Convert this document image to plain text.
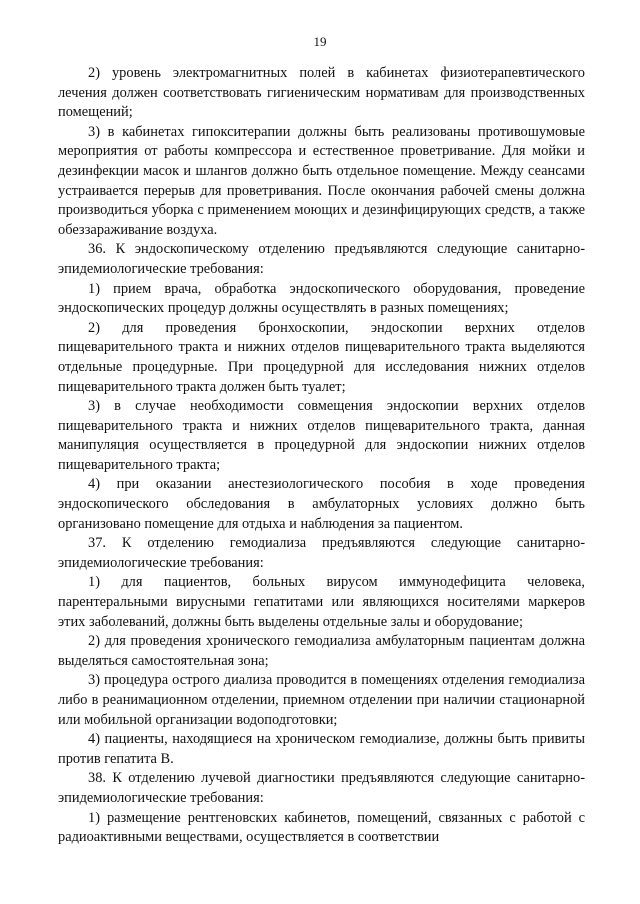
19

2) уровень электромагнитных полей в кабинетах физиотерапевтического лечения должен соответствовать гигиеническим нормативам для производственных помещений;

3) в кабинетах гипокситерапии должны быть реализованы противошумовые мероприятия от работы компрессора и естественное проветривание. Для мойки и дезинфекции масок и шлангов должно быть отдельное помещение. Между сеансами устраивается перерыв для проветривания. После окончания рабочей смены должна производиться уборка с применением моющих и дезинфицирующих средств, а также обеззараживание воздуха.

36. К эндоскопическому отделению предъявляются следующие санитарно-эпидемиологические требования:

1) прием врача, обработка эндоскопического оборудования, проведение эндоскопических процедур должны осуществлять в разных помещениях;

2) для проведения бронхоскопии, эндоскопии верхних отделов пищеварительного тракта и нижних отделов пищеварительного тракта выделяются отдельные процедурные. При процедурной для исследования нижних отделов пищеварительного тракта должен быть туалет;

3) в случае необходимости совмещения эндоскопии верхних отделов пищеварительного тракта и нижних отделов пищеварительного тракта, данная манипуляция осуществляется в процедурной для эндоскопии нижних отделов пищеварительного тракта;

4) при оказании анестезиологического пособия в ходе проведения эндоскопического обследования в амбулаторных условиях должно быть организовано помещение для отдыха и наблюдения за пациентом.

37. К отделению гемодиализа предъявляются следующие санитарно-эпидемиологические требования:

1) для пациентов, больных вирусом иммунодефицита человека, парентеральными вирусными гепатитами или являющихся носителями маркеров этих заболеваний, должны быть выделены отдельные залы и оборудование;

2) для проведения хронического гемодиализа амбулаторным пациентам должна выделяться самостоятельная зона;

3) процедура острого диализа проводится в помещениях отделения гемодиализа либо в реанимационном отделении, приемном отделении при наличии стационарной или мобильной организации водоподготовки;

4) пациенты, находящиеся на хроническом гемодиализе, должны быть привиты против гепатита В.

38. К отделению лучевой диагностики предъявляются следующие санитарно-эпидемиологические требования:

1) размещение рентгеновских кабинетов, помещений, связанных с работой с радиоактивными веществами, осуществляется в соответствии
